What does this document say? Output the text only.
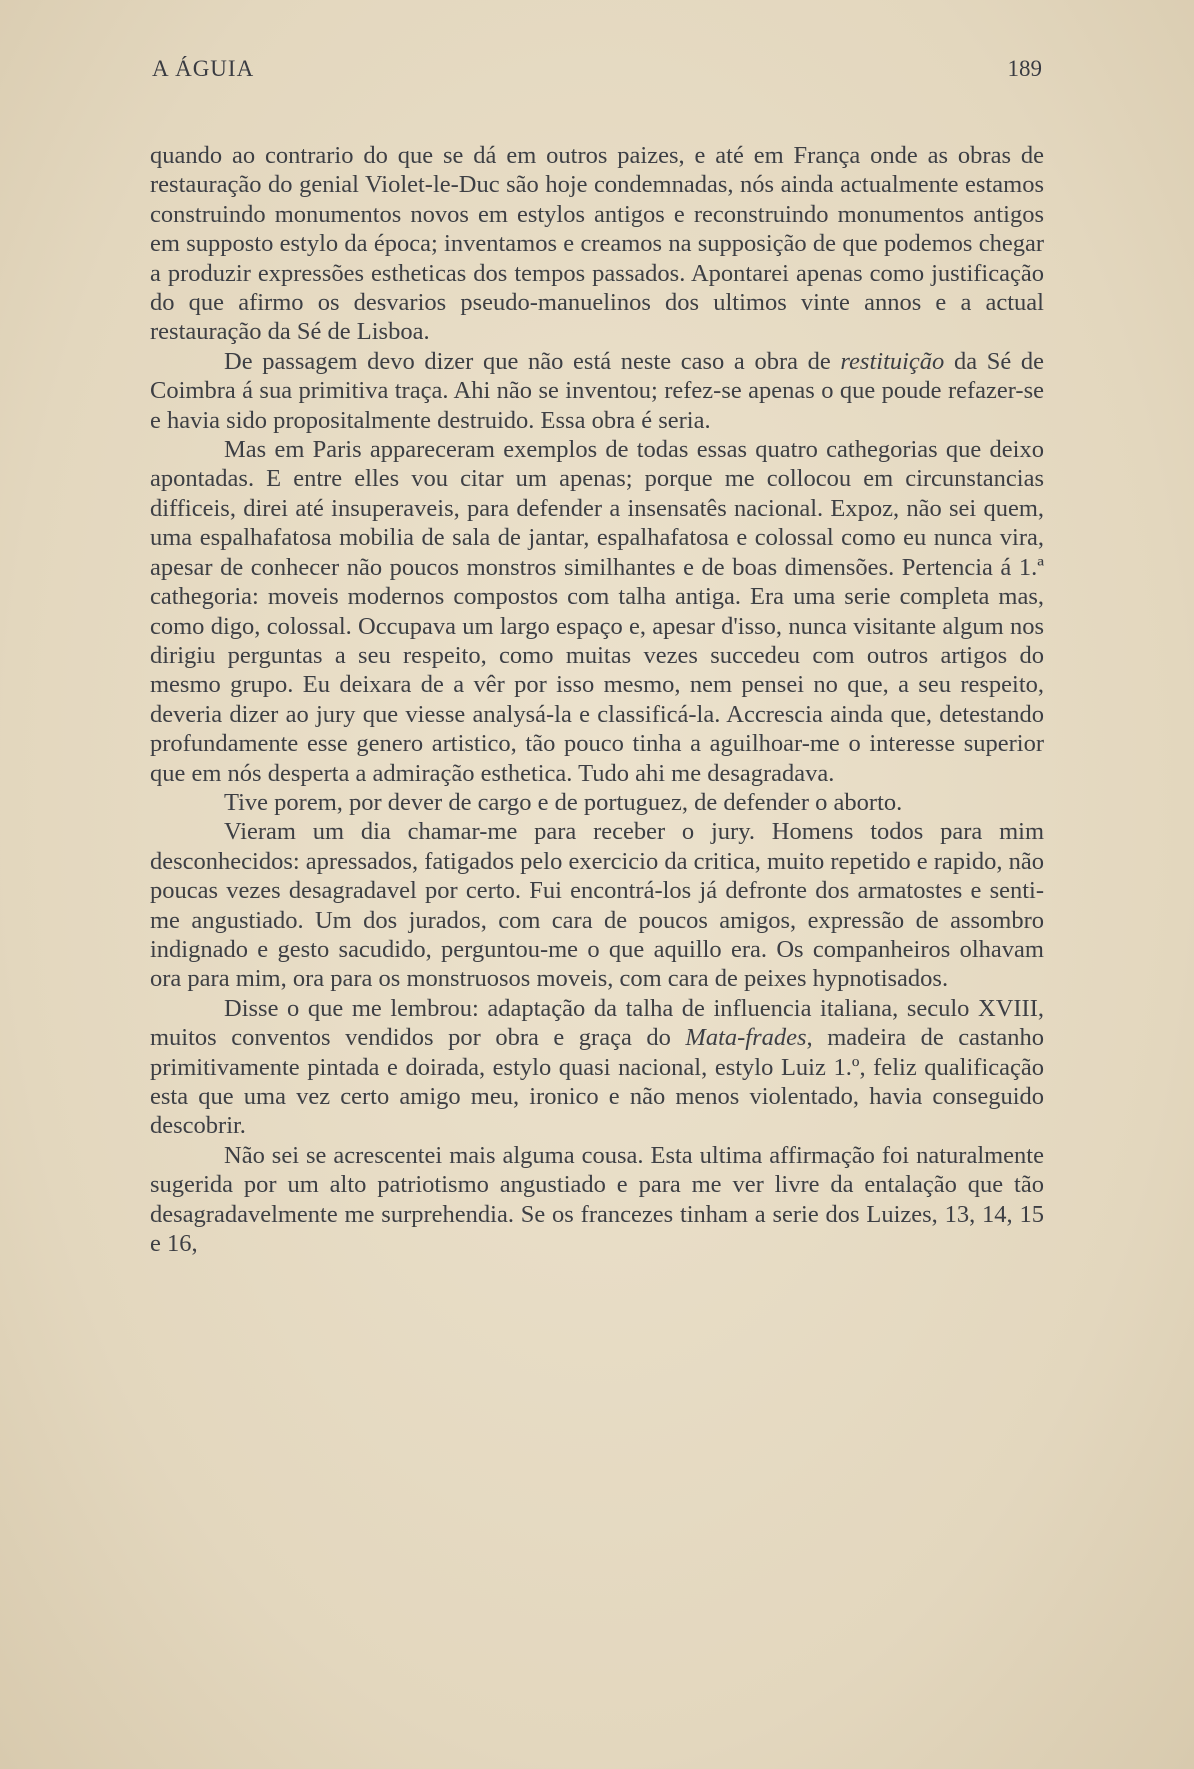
A ÁGUIA	189

quando ao contrario do que se dá em outros paizes, e até em França onde as obras de restauração do genial Violet-le-Duc são hoje condemnadas, nós ainda actualmente estamos construindo monumentos novos em estylos antigos e reconstruindo monumentos antigos em supposto estylo da época; inventamos e creamos na supposição de que podemos chegar a produzir expressões estheticas dos tempos passados. Apontarei apenas como justificação do que afirmo os desvarios pseudo-manuelinos dos ultimos vinte annos e a actual restauração da Sé de Lisboa.

De passagem devo dizer que não está neste caso a obra de restituição da Sé de Coimbra á sua primitiva traça. Ahi não se inventou; refez-se apenas o que poude refazer-se e havia sido propositalmente destruido. Essa obra é seria.

Mas em Paris appareceram exemplos de todas essas quatro cathegorias que deixo apontadas. E entre elles vou citar um apenas; porque me collocou em circunstancias difficeis, direi até insuperaveis, para defender a insensatês nacional. Expoz, não sei quem, uma espalhafatosa mobilia de sala de jantar, espalhafatosa e colossal como eu nunca vira, apesar de conhecer não poucos monstros similhantes e de boas dimensões. Pertencia á 1.ª cathegoria: moveis modernos compostos com talha antiga. Era uma serie completa mas, como digo, colossal. Occupava um largo espaço e, apesar d'isso, nunca visitante algum nos dirigiu perguntas a seu respeito, como muitas vezes succedeu com outros artigos do mesmo grupo. Eu deixara de a vêr por isso mesmo, nem pensei no que, a seu respeito, deveria dizer ao jury que viesse analysá-la e classificá-la. Accrescia ainda que, detestando profundamente esse genero artistico, tão pouco tinha a aguilhoar-me o interesse superior que em nós desperta a admiração esthetica. Tudo ahi me desagradava.

Tive porem, por dever de cargo e de portuguez, de defender o aborto.

Vieram um dia chamar-me para receber o jury. Homens todos para mim desconhecidos: apressados, fatigados pelo exercicio da critica, muito repetido e rapido, não poucas vezes desagradavel por certo. Fui encontrá-los já defronte dos armatostes e senti-me angustiado. Um dos jurados, com cara de poucos amigos, expressão de assombro indignado e gesto sacudido, perguntou-me o que aquillo era. Os companheiros olhavam ora para mim, ora para os monstruosos moveis, com cara de peixes hypnotisados.

Disse o que me lembrou: adaptação da talha de influencia italiana, seculo XVIII, muitos conventos vendidos por obra e graça do Mata-frades, madeira de castanho primitivamente pintada e doirada, estylo quasi nacional, estylo Luiz 1.º, feliz qualificação esta que uma vez certo amigo meu, ironico e não menos violentado, havia conseguido descobrir.

Não sei se acrescentei mais alguma cousa. Esta ultima affirmação foi naturalmente sugerida por um alto patriotismo angustiado e para me ver livre da entalação que tão desagradavelmente me surprehendia. Se os francezes tinham a serie dos Luizes, 13, 14, 15 e 16,
